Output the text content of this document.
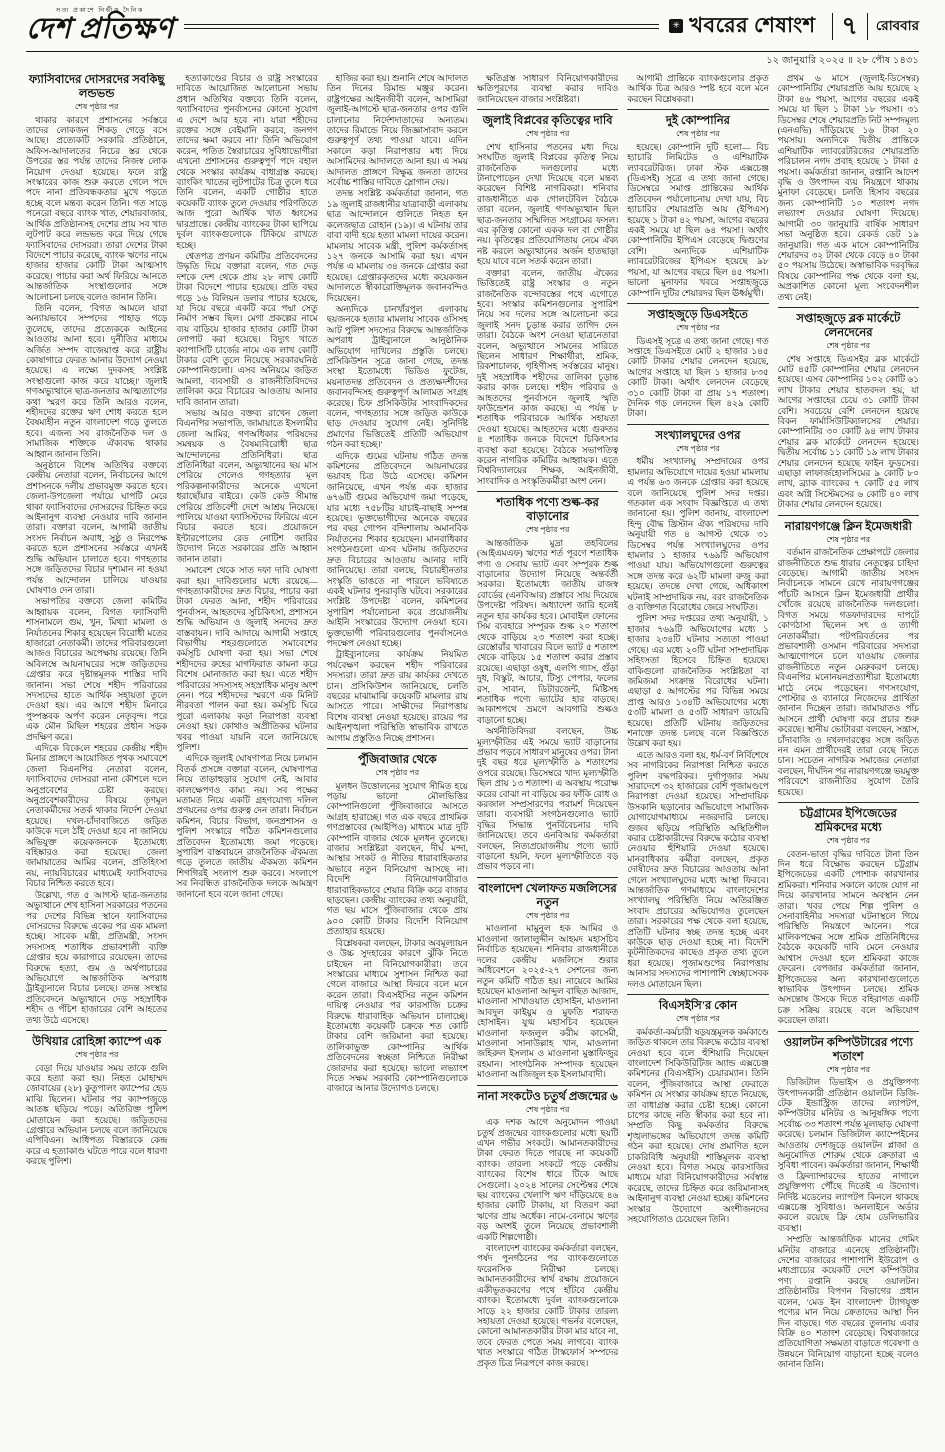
সত্য প্রকাশে নির্ভীক দৈনিক
দেশ প্রতিক্ষণ	✳ খবরের শেষাংশ	৭	রোববার
১২ জানুয়ারি ২০২৫ ॥ ২৮ পৌষ ১৪৩১
ফ্যাসিবাদের দোসরদের সবকিছু লন্ডভন্ড
শেষ পৃষ্ঠার পর

থাকার কারণে প্রশাসনের সর্বস্তরে তাদের লোকজন শিকড় গেড়ে বসে আছে। প্রত্যেকটি সরকারি প্রতিষ্ঠানে, অফিস-আদালতের নিচের স্তর থেকে উপরের স্তর পর্যন্ত তাদের নিজস্ব লোক নিয়োগ দেওয়া হয়েছে। ফলে রাষ্ট্র সংস্কারের কাজ শুরু করতে গেলে পদে পদে নানা প্রতিবন্ধকতার মুখে পড়তে হচ্ছে বলে মন্তব্য করেন তিনি। গত সাড়ে পনেরো বছরে ব্যাংক খাত, শেয়ারবাজার, আর্থিক প্রতিষ্ঠানসহ দেশের প্রায় সব খাত লুটপাট করে লন্ডভন্ড করে দিয়ে গেছে ফ্যাসিবাদের দোসররা। তারা দেশের টাকা বিদেশে পাচার করেছে, ব্যাংক ঋণের নামে হাজার হাজার কোটি টাকা আত্মসাৎ করেছে। পাচার করা অর্থ ফিরিয়ে আনতে আন্তর্জাতিক সংস্থাগুলোর সঙ্গে আলোচনা চলছে বলেও জানান তিনি।

তিনি বলেন, 'বিগত আমলে যারা অন্যায়ভাবে সম্পদের পাহাড় গড়ে তুলেছে, তাদের প্রত্যেককে আইনের আওতায় আনা হবে। দুর্নীতির মাধ্যমে অর্জিত সম্পদ বাজেয়াপ্ত করে রাষ্ট্রীয় কোষাগারে ফেরত আনার উদ্যোগ নেওয়া হয়েছে। এ লক্ষ্যে দুদকসহ সংশ্লিষ্ট সংস্থাগুলো কাজ করে যাচ্ছে।' জুলাই গণঅভ্যুত্থানে ছাত্র-জনতার আত্মত্যাগের কথা স্মরণ করে তিনি আরও বলেন, শহীদদের রক্তের ঋণ শোধ করতে হলে বৈষম্যহীন নতুন বাংলাদেশ গড়ে তুলতে হবে। এজন্য সব রাজনৈতিক দল ও সামাজিক শক্তিকে ঐক্যবদ্ধ থাকার আহ্বান জানান তিনি।

অনুষ্ঠানে বিশেষ অতিথির বক্তব্যে কেন্দ্রীয় নেতারা বলেন, নির্বাচনের আগে প্রশাসনকে দলীয় প্রভাবমুক্ত করতে হবে। জেলা-উপজেলা পর্যায়ে ঘাপটি মেরে থাকা ফ্যাসিবাদের দোসরদের চিহ্নিত করে আইনানুগ ব্যবস্থা নেওয়ার দাবি জানান তারা। বক্তারা বলেন, আগামী জাতীয় সংসদ নির্বাচন অবাধ, সুষ্ঠু ও নিরপেক্ষ করতে হলে প্রশাসনের সর্বস্তরে এখনই শুদ্ধি অভিযান চালাতে হবে। গণহত্যার সঙ্গে জড়িতদের বিচার দৃশ্যমান না হওয়া পর্যন্ত আন্দোলন চালিয়ে যাওয়ার ঘোষণাও দেন তারা।

সভাপতির বক্তব্যে জেলা কমিটির আহ্বায়ক বলেন, বিগত ফ্যাসিবাদী শাসনামলে গুম, খুন, মিথ্যা মামলা ও নির্যাতনের শিকার হয়েছেন বিরোধী মতের হাজারো নেতাকর্মী। তাদের পরিবারগুলো আজও বিচারের অপেক্ষায় রয়েছে। তিনি অবিলম্বে আয়নাঘরের সঙ্গে জড়িতদের গ্রেপ্তার করে দৃষ্টান্তমূলক শাস্তির দাবি জানান। সভা শেষে শহীদ পরিবারের সদস্যদের হাতে আর্থিক সহায়তা তুলে দেওয়া হয়। এর আগে শহীদ মিনারে পুষ্পস্তবক অর্পণ করেন নেতৃবৃন্দ। পরে এক মৌন মিছিল শহরের প্রধান সড়ক প্রদক্ষিণ করে।

এদিকে বিকে‌লে শহরের কেন্দ্রীয় শহীদ মিনার প্রাঙ্গণে আয়োজিত পৃথক সমাবেশে জেলা বিএনপির নেতারা বলেন, ফ্যাসিবাদের দোসররা নানা কৌশলে দলে অনুপ্রবেশের চেষ্টা করছে। অনুপ্রবেশকারীদের বিষয়ে তৃণমূল নেতাকর্মীদের সতর্ক থাকার নির্দেশ দেওয়া হয়েছে। দখল-চাঁদাবাজিতে জড়িত কাউকে দলে ঠাঁই দেওয়া হবে না জানিয়ে অভিযুক্ত কয়েকজনকে ইতোমধ্যে বহিষ্কারও করা হয়েছে। জেলা জামায়াতের আমির বলেন, প্রতিহিংসা নয়, ন্যায়বিচারের মাধ্যমেই ফ্যাসিবাদের বিচার নিশ্চিত করতে হবে।

উল্লেখ্য, গত ৫ আগস্ট ছাত্র-জনতার অভ্যুত্থানে শেখ হাসিনা সরকারের পতনের পর দেশের বিভিন্ন স্থানে ফ্যাসিবাদের দোসরদের বিরুদ্ধে একের পর এক মামলা হচ্ছে। সাবেক মন্ত্রী, প্রতিমন্ত্রী, সংসদ সদস্যসহ শতাধিক প্রভাবশালী ব্যক্তি গ্রেপ্তার হয়ে কারাগারে রয়েছেন। তাদের বিরুদ্ধে হত্যা, গুম ও অর্থপাচারের অভিযোগে আন্তর্জাতিক অপরাধ ট্রাইব্যুনালে বিচার চলছে। তদন্ত সংস্থার প্রতিবেদনে অভ্যুত্থানে দেড় সহস্রাধিক শহীদ ও পঁচিশ হাজারের বেশি আহতের তথ্য উঠে এসেছে।

উখিয়ার রোহিঙ্গা ক্যাম্পে এক
শেষ পৃষ্ঠার পর

বেড়া দিয়ে যাওয়ার সময় তাকে গুলি করে হত্যা করা হয়। নিহত মোহাম্মদ জোবায়ের (২৮) কুতুপালং ক্যাম্পের হেড মাঝি ছিলেন। ঘটনার পর ক্যাম্পজুড়ে আতঙ্ক ছড়িয়ে পড়ে। অতিরিক্ত পুলিশ মোতায়েন করা হয়েছে। জড়িতদের গ্রেপ্তারে অভিযান চলছে বলে জানিয়েছে এপিবিএন। আধিপত্য বিস্তারকে কেন্দ্র করে এ হত্যাকাণ্ড ঘটতে পারে বলে ধারণা করছে পুলিশ।

হত্যাকাণ্ডের বিচার ও রাষ্ট্র সংস্কারের দাবিতে আয়োজিত আলোচনা সভায় প্রধান অতিথির বক্তব্যে তিনি বলেন, 'ফ্যাসিবাদের পুনর্বাসনের কোনো সুযোগ এ দেশে আর হবে না। যারা শহীদের রক্তের সঙ্গে বেইমানি করবে, জনগণ তাদের ক্ষমা করবে না।' তিনি অভিযোগ করেন, পতিত স্বৈরাচারের সুবিধাভোগীরা এখনো প্রশাসনের গুরুত্বপূর্ণ পদে বহাল থেকে সংস্কার কার্যক্রম বাধাগ্রস্ত করছে। ব্যাংকিং খাতের লুটপাটের চিত্র তুলে ধরে তিনি বলেন, একটি গোষ্ঠীর হাতে কয়েকটি ব্যাংক তুলে দেওয়ার পরিণতিতে আজ পুরো আর্থিক খাত ধ্বংসের দ্বারপ্রান্তে। কেন্দ্রীয় ব্যাংকের টাকা ছাপিয়ে দুর্বল ব্যাংকগুলোকে টিকিয়ে রাখতে হচ্ছে।

শ্বেতপত্র প্রণয়ন কমিটির প্রতিবেদনের উদ্ধৃতি দিয়ে বক্তারা বলেন, গত দেড় দশকে দেশ থেকে প্রায় ২৮ লাখ কোটি টাকা বিদেশে পাচার হয়েছে। প্রতি বছর গড়ে ১৬ বিলিয়ন ডলার পাচার হয়েছে, যা দিয়ে বছরে একটি করে পদ্মা সেতু নির্মাণ সম্ভব ছিল। মেগা প্রকল্পের নামে ব্যয় বাড়িয়ে হাজার হাজার কোটি টাকা লোপাট করা হয়েছে। বিদ্যুৎ খাতে ক্যাপাসিটি চার্জের নামে এক লাখ কোটি টাকার বেশি তুলে নিয়েছে সরকারঘনিষ্ঠ কোম্পানিগুলো। এসব অনিয়মে জড়িত আমলা, ব্যবসায়ী ও রাজনীতিবিদদের তালিকা করে বিচারের আওতায় আনার দাবি জানান তারা।

সভায় আরও বক্তব্য রাখেন জেলা বিএনপির সভাপতি, জামায়াতে ইসলামীর জেলা আমির, গণঅধিকার পরিষদের সমন্বয়ক ও বৈষম্যবিরোধী ছাত্র আন্দোলনের প্রতিনিধিরা। ছাত্র প্রতিনিধিরা বলেন, অভ্যুত্থানের ছয় মাস পেরিয়ে গেলেও গণহত্যার মূল পরিকল্পনাকারীদের অনেকে এখনো ধরাছোঁয়ার বাইরে। কেউ কেউ সীমান্ত পেরিয়ে প্রতিবেশী দেশে আশ্রয় নিয়েছে। পালিয়ে যাওয়া ফ্যাসিস্টদের ফিরিয়ে এনে বিচার করতে হবে। প্রয়োজনে ইন্টারপোলের রেড নোটিশ জারির উদ্যোগ নিতে সরকারের প্রতি আহ্বান জানান তারা।

সমাবেশ থেকে সাত দফা দাবি ঘোষণা করা হয়। দাবিগুলোর মধ্যে রয়েছে— গণহত্যাকারীদের দ্রুত বিচার, পাচার করা টাকা ফেরত আনা, শহীদ পরিবারের পুনর্বাসন, আহতদের সুচিকিৎসা, প্রশাসনে শুদ্ধি অভিযান ও জুলাই সনদের দ্রুত বাস্তবায়ন। দাবি আদায়ে আগামী সপ্তাহে বিভাগীয় শহরগুলোতে সমাবেশের কর্মসূচি ঘোষণা করা হয়। সভা শেষে শহীদদের রুহের মাগফিরাত কামনা করে বিশেষ মোনাজাত করা হয়। এতে শহীদ পরিবারের সদস্যসহ সহস্রাধিক মানুষ অংশ নেন। পরে শহীদদের স্মরণে এক মিনিট নীরবতা পালন করা হয়। কর্মসূচি ঘিরে পুরো এলাকায় কড়া নিরাপত্তা ব্যবস্থা নেওয়া হয়। কোথাও অপ্রীতিকর ঘটনার খবর পাওয়া যায়নি বলে জানিয়েছে পুলিশ।

এদিকে জুলাই ঘোষণাপত্র নিয়ে চলমান বিতর্ক প্রসঙ্গে বক্তারা বলেন, ঘোষণাপত্র নিয়ে তাড়াহুড়ার সুযোগ নেই, আবার কালক্ষেপণও কাম্য নয়। সব পক্ষের মতামত নিয়ে একটি গ্রহণযোগ্য দলিল প্রণয়নের ওপর গুরুত্ব দেন তারা। নির্বাচন কমিশন, বিচার বিভাগ, জনপ্রশাসন ও পুলিশ সংস্কারে গঠিত কমিশনগুলোর প্রতিবেদন ইতোমধ্যে জমা পড়েছে। সুপারিশ বাস্তবায়নে রাজনৈতিক ঐকমত্য গড়ে তুলতে জাতীয় ঐকমত্য কমিশন শিগগিরই সংলাপ শুরু করবে। সংলাপে সব নিবন্ধিত রাজনৈতিক দলকে আমন্ত্রণ জানানো হবে বলে জানা গেছে।

হাজির করা হয়। শুনানি শেষে আদালত তিন দিনের রিমান্ড মঞ্জুর করেন। রাষ্ট্রপক্ষের আইনজীবী বলেন, আসামিরা জুলাই-আগস্টে ছাত্র-জনতার ওপর গুলি চালানোর নির্দেশদাতাদের অন্যতম। তাদের রিমান্ডে নিয়ে জিজ্ঞাসাবাদ করলে গুরুত্বপূর্ণ তথ্য পাওয়া যাবে। এদিন সকালে কড়া নিরাপত্তার মধ্য দিয়ে আসামিদের আদালতে আনা হয়। এ সময় আদালত প্রাঙ্গণে বিক্ষুব্ধ জনতা তাদের সর্বোচ্চ শাস্তির দাবিতে স্লোগান দেয়।

তদন্ত সংশ্লিষ্ট কর্মকর্তারা জানান, গত ১৯ জুলাই রাজধানীর যাত্রাবাড়ী এলাকায় ছাত্র আন্দোলনে গুলিতে নিহত হন কলেজছাত্র রোহান (১৯)। এ ঘটনায় তার বাবা বাদী হয়ে হত্যা মামলা দায়ের করেন। মামলায় সাবেক মন্ত্রী, পুলিশ কর্মকর্তাসহ ১২৭ জনকে আসামি করা হয়। এখন পর্যন্ত এ মামলায় ৩৪ জনকে গ্রেপ্তার করা হয়েছে। গ্রেপ্তারকৃতদের মধ্যে কয়েকজন আদালতে স্বীকারোক্তিমূলক জবানবন্দিও দিয়েছেন।

অন্যদিকে চানখাঁরপুল এলাকায় ছয়জনকে হত্যার মামলায় সাবেক ওসিসহ আট পুলিশ সদস্যের বিরুদ্ধে আন্তর্জাতিক অপরাধ ট্রাইব্যুনালে আনুষ্ঠানিক অভিযোগ দাখিলের প্রস্তুতি চলছে। প্রসিকিউশন সূত্রে জানা গেছে, তদন্ত সংস্থা ইতোমধ্যে ভিডিও ফুটেজ, ময়নাতদন্ত প্রতিবেদন ও প্রত্যক্ষদর্শীদের জবানবন্দিসহ গুরুত্বপূর্ণ আলামত সংগ্রহ করেছে। চিফ প্রসিকিউটর সাংবাদিকদের বলেন, 'গণহত্যার সঙ্গে জড়িত কাউকে ছাড় দেওয়ার সুযোগ নেই। সুনির্দিষ্ট প্রমাণের ভিত্তিতেই প্রতিটি অভিযোগ গঠন করা হচ্ছে।'

এদিকে গুমের ঘটনায় গঠিত তদন্ত কমিশনের প্রতিবেদনে আয়নাঘরের ভয়াবহ চিত্র উঠে এসেছে। কমিশন জানিয়েছে, এখন পর্যন্ত এক হাজার ৬৭৬টি গুমের অভিযোগ জমা পড়েছে, যার মধ্যে ৭৫৮টির যাচাই-বাছাই সম্পন্ন হয়েছে। ভুক্তভোগীদের অনেকে বছরের পর বছর গোপন বন্দিশালায় অমানবিক নির্যাতনের শিকার হয়েছেন। মানবাধিকার সংগঠনগুলো এসব ঘটনায় জড়িতদের দ্রুত বিচারের আওতায় আনার দাবি জানিয়েছে। তারা বলছে, বিচারহীনতার সংস্কৃতি ভাঙতে না পারলে ভবিষ্যতে একই ঘটনার পুনরাবৃত্তি ঘটবে। সরকারের সংশ্লিষ্ট উপদেষ্টা বলেন, কমিশনের সুপারিশ পর্যালোচনা করে প্রয়োজনীয় আইনি সংস্কারের উদ্যোগ নেওয়া হবে। ভুক্তভোগী পরিবারগুলোর পুনর্বাসনেও পদক্ষেপ নেওয়া হচ্ছে।

ট্রাইব্যুনালের কার্যক্রম নিয়মিত পর্যবেক্ষণ করছেন শহীদ পরিবারের সদস্যরা। তারা দ্রুত রায় কার্যকর দেখতে চান। প্রসিকিউশন জানিয়েছে, চলতি বছরের মাঝামাঝি কয়েকটি মামলার রায় আসতে পারে। সাক্ষীদের নিরাপত্তায় বিশেষ ব্যবস্থা নেওয়া হয়েছে। রায়ের পর আইনশৃঙ্খলা পরিস্থিতি স্বাভাবিক রাখতে আগাম প্রস্তুতিও নিচ্ছে প্রশাসন।

পুঁজিবাজার থেকে
শেষ পৃষ্ঠার পর

মূলধন উত্তোলনের সুযোগ সীমিত হয়ে পড়ায় ভালো মৌলভিত্তির কোম্পানিগুলো পুঁজিবাজারে আসতে আগ্রহ হারাচ্ছে। গত এক বছরে প্রাথমিক গণপ্রস্তাবের (আইপিও) মাধ্যমে মাত্র দুটি কোম্পানি বাজার থেকে মূলধন তুলেছে। বাজার সংশ্লিষ্টরা বলছেন, দীর্ঘ মন্দা, আস্থার সংকট ও নীতির ধারাবাহিকতার অভাবে নতুন বিনিয়োগ আসছে না। বিদেশি বিনিয়োগকারীরাও ধারাবাহিকভাবে শেয়ার বিক্রি করে বাজার ছাড়ছেন। কেন্দ্রীয় ব্যাংকের তথ্য অনুযায়ী, গত ছয় মাসে পুঁজিবাজার থেকে প্রায় ৯০০ কোটি টাকার বিদেশি বিনিয়োগ প্রত্যাহার হয়েছে।

বিশ্লেষকরা বলছেন, টাকার অবমূল্যায়ন ও উচ্চ সুদহারের কারণে ঝুঁকি নিতে চাইছেন না বিনিয়োগকারীরা। তবে সংস্কারের মাধ্যমে সুশাসন নিশ্চিত করা গেলে বাজারে আস্থা ফিরবে বলে মনে করেন তারা। বিএসইসির নতুন কমিশন দায়িত্ব নেওয়ার পর কারসাজি চক্রের বিরুদ্ধে ধারাবাহিক অভিযান চালাচ্ছে। ইতোমধ্যে কয়েকটি চক্রকে শত কোটি টাকার বেশি জরিমানা করা হয়েছে। তালিকাভুক্ত কোম্পানির আর্থিক প্রতিবেদনের স্বচ্ছতা নিশ্চিতে নিরীক্ষা জোরদার করা হয়েছে। ভালো লভ্যাংশ দিতে সক্ষম সরকারি কোম্পানিগুলোকে বাজারে আনার উদ্যোগও চলছে।

ক্ষতিগ্রস্ত সাধারণ বিনিয়োগকারীদের ক্ষতিপূরণের ব্যবস্থা করার দাবিও জানিয়েছেন বাজার সংশ্লিষ্টরা।

জুলাই বিপ্লবের কৃতিত্বের দাবি
শেষ পৃষ্ঠার পর

শেখ হাসিনার পতনের মধ্য দিয়ে সংঘটিত জুলাই বিপ্লবের কৃতিত্ব নিয়ে রাজনৈতিক দলগুলোর মধ্যে টানাপোড়েন দেখা দিয়েছে বলে মন্তব্য করেছেন বিশিষ্ট নাগরিকরা। শনিবার রাজধানীতে এক গোলটেবিল বৈঠকে তারা বলেন, জুলাই গণঅভ্যুত্থান ছিল ছাত্র-জনতার সম্মিলিত সংগ্রামের ফসল। এর কৃতিত্ব কোনো একক দল বা গোষ্ঠীর নয়। কৃতিত্বের প্রতিযোগিতায় নেমে ঐক্য নষ্ট করলে অভ্যুত্থানের অর্জন হাতছাড়া হয়ে যাবে বলে সতর্ক করেন তারা।

বক্তারা বলেন, জাতীয় ঐক্যের ভিত্তিতেই রাষ্ট্র সংস্কার ও নতুন রাজনৈতিক বন্দোবস্তের পথে এগোতে হবে। সংস্কার কমিশনগুলোর সুপারিশ নিয়ে সব দলের সঙ্গে আলোচনা করে জুলাই সনদ চূড়ান্ত করার তাগিদ দেন তারা। বৈঠকে অংশ নেওয়া ছাত্রনেতারা বলেন, অভ্যুত্থানে সামনের সারিতে ছিলেন সাধারণ শিক্ষার্থীরা, শ্রমিক, রিকশাচালক, গৃহিণীসহ সর্বস্তরের মানুষ। দুই সহস্রাধিক শহীদের তালিকা চূড়ান্ত করার কাজ চলছে। শহীদ পরিবার ও আহতদের পুনর্বাসনে জুলাই স্মৃতি ফাউন্ডেশন কাজ করছে। এ পর্যন্ত ৮ শতাধিক পরিবারকে আর্থিক সহায়তা দেওয়া হয়েছে। আহতদের মধ্যে গুরুতর ৪ শতাধিক জনকে বিদেশে চিকিৎসার ব্যবস্থা করা হয়েছে। বৈঠকে সভাপতিত্ব করেন নাগরিক কমিটির আহ্বায়ক। এতে বিশ্ববিদ্যালয়ের শিক্ষক, আইনজীবী, সাংবাদিক ও সংস্কৃতিকর্মীরা অংশ নেন।

শতাধিক পণ্যে শুল্ক-কর বাড়ানোর
শেষ পৃষ্ঠার পর

আন্তর্জাতিক মুদ্রা তহবিলের (আইএমএফ) ঋণের শর্ত পূরণে শতাধিক পণ্য ও সেবায় ভ্যাট এবং সম্পূরক শুল্ক বাড়ানোর উদ্যোগ নিয়েছে অন্তর্বর্তী সরকার। ইতোমধ্যে জাতীয় রাজস্ব বোর্ডের (এনবিআর) প্রস্তাবে সায় দিয়েছে উপদেষ্টা পরিষদ। অধ্যাদেশ জারি হলেই নতুন হার কার্যকর হবে। মোবাইল ফোনের সিম ব্যবহারে সম্পূরক শুল্ক ২০ শতাংশ থেকে বাড়িয়ে ২৩ শতাংশ করা হচ্ছে। রেস্তোরাঁর খাবারের বিলে ভ্যাট ৫ শতাংশ থেকে বাড়িয়ে ১৫ শতাংশ করার প্রস্তাব রয়েছে। এছাড়া ওষুধ, এলপি গ্যাস, গুঁড়া দুধ, বিস্কুট, আচার, টিস্যু পেপার, ফলের রস, সাবান, ডিটারজেন্ট, মিষ্টিসহ শতাধিক পণ্যে ভ্যাটের হার বাড়ছে। আকাশপথে ভ্রমণে আবগারি শুল্কও বাড়ানো হচ্ছে।

অর্থনীতিবিদরা বলছেন, উচ্চ মূল্যস্ফীতির এই সময়ে ভ্যাট বাড়ানোর প্রভাব পড়বে সাধারণ মানুষের ওপর। টানা দুই বছর ধরে মূল্যস্ফীতি ৯ শতাংশের ওপরে রয়েছে। ডিসেম্বরে খাদ্য মূল্যস্ফীতি ছিল প্রায় ১৩ শতাংশ। এ অবস্থায় পরোক্ষ করের বোঝা না বাড়িয়ে কর ফাঁকি রোধ ও করজাল সম্প্রসারণের পরামর্শ দিয়েছেন তারা। ব্যবসায়ী সংগঠনগুলোও ভ্যাট বৃদ্ধির সিদ্ধান্ত পুনর্বিবেচনার দাবি জানিয়েছে। তবে এনবিআর কর্মকর্তারা বলছেন, নিত্যপ্রয়োজনীয় পণ্যে ভ্যাট বাড়ানো হয়নি, ফলে মূল্যস্ফীতিতে বড় প্রভাব পড়বে না।

বাংলাদেশ খেলাফত মজলিসের নতুন
শেষ পৃষ্ঠার পর

মাওলানা মামুনুল হক আমির ও মাওলানা জালালুদ্দীন আহমদ মহাসচিব নির্বাচিত হয়েছেন। শনিবার রাজধানীতে দলের কেন্দ্রীয় মজলিসে শুরার অধিবেশনে ২০২৫-২৭ সেশনের জন্য নতুন কমিটি গঠিত হয়। নায়েবে আমির হয়েছেন মাওলানা আব্দুল বাছিত আজাদ, মাওলানা সাখাওয়াত হোসাইন, মাওলানা আবদুল কাইয়ুম ও মুফতি শরাফত হোসাইন। যুগ্ম মহাসচিব হয়েছেন মাওলানা ফজলুল করীম কাসেমী, মাওলানা সানাউল্লাহ খান, মাওলানা জহিরুল ইসলাম ও মাওলানা মুস্তাফিজুর রহমান। সাংগঠনিক সম্পাদক হয়েছেন মাওলানা আজিজুল হক ইসলামাবাদী।

নানা সংকটেও চতুর্থ প্রজন্মের ৬
শেষ পৃষ্ঠার পর

এক দশক আগে অনুমোদন পাওয়া চতুর্থ প্রজন্মের ব্যাংকগুলোর মধ্যে ছয়টি এখন গভীর সংকটে। আমানতকারীদের টাকা ফেরত দিতে পারছে না কয়েকটি ব্যাংক। তারল্য সংকটে পড়ে কেন্দ্রীয় ব্যাংকের বিশেষ ধারে টিকে আছে সেগুলো। ২০২৪ সালের সেপ্টেম্বর শেষে ছয় ব্যাংকের খেলাপি ঋণ দাঁড়িয়েছে ৪৬ হাজার কোটি টাকায়, যা বিতরণ করা ঋণের প্রায় অর্ধেক। নামে-বেনামে ঋণের বড় অংশই তুলে নিয়েছে প্রভাবশালী একটি শিল্পগোষ্ঠী।

বাংলাদেশ ব্যাংকের কর্মকর্তারা বলছেন, পর্ষদ পুনর্গঠনের পর ব্যাংকগুলোতে ফরেনসিক নিরীক্ষা চলছে। আমানতকারীদের স্বার্থ রক্ষায় প্রয়োজনে একীভূতকরণের পথে হাঁটবে কেন্দ্রীয় ব্যাংক। ইতোমধ্যে দুর্বল ব্যাংকগুলোকে সাড়ে ২২ হাজার কোটি টাকার তারল্য সহায়তা দেওয়া হয়েছে। গভর্নর বলেছেন, কোনো আমানতকারীর টাকা মার যাবে না, তবে ফেরত পেতে সময় লাগবে। ব্যাংক খাত সংস্কারে গঠিত টাস্কফোর্স সম্পদের প্রকৃত চিত্র নিরূপণে কাজ করছে।

আগামী প্রান্তিকে ব্যাংকগুলোর প্রকৃত আর্থিক চিত্র আরও স্পষ্ট হবে বলে মনে করছেন বিশ্লেষকরা।

দুই কোম্পানির
শেষ পৃষ্ঠার পর

হয়েছে। কোম্পানি দুটি হলো— বিচ হ্যাচারি লিমিটেড ও এশিয়াটিক ল্যাবরেটরিজ। ঢাকা স্টক এক্সচেঞ্জ (ডিএসই) সূত্রে এ তথ্য জানা গেছে। ডিসেম্বরে সমাপ্ত প্রান্তিকের আর্থিক প্রতিবেদন পর্যালোচনায় দেখা যায়, বিচ হ্যাচারির শেয়ারপ্রতি আয় (ইপিএস) হয়েছে ১ টাকা ৪২ পয়সা, আগের বছরের একই সময়ে যা ছিল ৬৪ পয়সা। অর্থাৎ কোম্পানিটির ইপিএস বেড়েছে দ্বিগুণের বেশি। অন্যদিকে এশিয়াটিক ল্যাবরেটরিজের ইপিএস হয়েছে ৯৮ পয়সা, যা আগের বছরে ছিল ৪৫ পয়সা। ভালো মুনাফার খবরে সপ্তাহজুড়ে কোম্পানি দুটির শেয়ারদর ছিল ঊর্ধ্বমুখী।

সপ্তাহজুড়ে ডিএসইতে
শেষ পৃষ্ঠার পর

ডিএসই সূত্রে এ তথ্য জানা গেছে। গত সপ্তাহে ডিএসইতে মোট ২ হাজার ১৪৫ কোটি টাকার শেয়ার লেনদেন হয়েছে, আগের সপ্তাহে যা ছিল ১ হাজার ৮৩৫ কোটি টাকা। অর্থাৎ লেনদেন বেড়েছে ৩১০ কোটি টাকা বা প্রায় ১৭ শতাংশ। দৈনিক গড় লেনদেন ছিল ৪২৯ কোটি টাকা।

সংখ্যালঘুদের ওপর
শেষ পৃষ্ঠার পর

ধর্মীয় সংখ্যালঘু সম্প্রদায়ের ওপর হামলার অভিযোগে দায়ের হওয়া মামলায় এ পর্যন্ত ৬৩ জনকে গ্রেপ্তার করা হয়েছে বলে জানিয়েছে পুলিশ সদর দপ্তর। গতকাল এক সংবাদ বিজ্ঞপ্তিতে এ তথ্য জানানো হয়। পুলিশ জানায়, বাংলাদেশ হিন্দু বৌদ্ধ খ্রিস্টান ঐক্য পরিষদের দাবি অনুযায়ী গত ৪ আগস্ট থেকে ৩১ ডিসেম্বর পর্যন্ত সংখ্যালঘুদের ওপর হামলার ১ হাজার ৭৬৯টি অভিযোগ পাওয়া যায়। অভিযোগগুলো গুরুত্বের সঙ্গে তদন্ত করে ৬২টি মামলা রুজু করা হয়েছে। তদন্তে দেখা গেছে, অধিকাংশ ঘটনাই সাম্প্রদায়িক নয়, বরং রাজনৈতিক ও ব্যক্তিগত বিরোধের জেরে সংঘটিত।

পুলিশ সদর দপ্তরের তথ্য অনুযায়ী, ১ হাজার ৭৬৯টি অভিযোগের মধ্যে ১ হাজার ২৩৪টি ঘটনার সত্যতা পাওয়া গেছে। এর মধ্যে ২০টি ঘটনা সাম্প্রদায়িক সহিংসতা হিসেবে চিহ্নিত হয়েছে। বাকিগুলো রাজনৈতিক সংশ্লিষ্টতা বা জমিজমা সংক্রান্ত বিরোধের ঘটনা। এছাড়া ৫ আগস্টের পর বিভিন্ন সময়ে প্রাপ্ত আরও ১৩৪টি অভিযোগের মধ্যে ৫৩টি মামলা ও ৫৩টি সাধারণ ডায়েরি হয়েছে। প্রতিটি ঘটনায় জড়িতদের শনাক্তে তদন্ত চলছে বলে বিজ্ঞপ্তিতে উল্লেখ করা হয়।

এতে আরও বলা হয়, ধর্ম-বর্ণ নির্বিশেষে সব নাগরিকের নিরাপত্তা নিশ্চিত করতে পুলিশ বদ্ধপরিকর। দুর্গাপূজার সময় সারাদেশে ৩২ হাজারের বেশি পূজামণ্ডপে নিরাপত্তা দেওয়া হয়েছে। সাম্প্রদায়িক উসকানি ছড়ানোর অভিযোগে সামাজিক যোগাযোগমাধ্যমে নজরদারি চলছে। গুজব ছড়িয়ে পরিস্থিতি অস্থিতিশীল করার চেষ্টাকারীদের বিরুদ্ধে কঠোর ব্যবস্থা নেওয়ার হুঁশিয়ারি দেওয়া হয়েছে। মানবাধিকার কর্মীরা বলছেন, প্রকৃত দোষীদের দ্রুত বিচারের আওতায় আনা গেলে সংখ্যালঘুদের মধ্যে আস্থা ফিরবে। আন্তর্জাতিক গণমাধ্যমে বাংলাদেশের সংখ্যালঘু পরিস্থিতি নিয়ে অতিরঞ্জিত সংবাদ প্রচারের অভিযোগও তুলেছেন তারা। সরকারের পক্ষ থেকে বলা হয়েছে, প্রতিটি ঘটনার স্বচ্ছ তদন্ত হচ্ছে এবং কাউকে ছাড় দেওয়া হচ্ছে না। বিদেশি কূটনীতিকদের কাছেও প্রকৃত তথ্য তুলে ধরা হয়েছে। পূজামণ্ডপের নিরাপত্তায় আনসার সদস্যদের পাশাপাশি স্বেচ্ছাসেবক দলও মোতায়েন ছিল।

বিএসইসি'র কোন
শেষ পৃষ্ঠার পর

কর্মকর্তা-কর্মচারী ষড়যন্ত্রমূলক কর্মকাণ্ডে জড়িত থাকলে তার বিরুদ্ধে কঠোর ব্যবস্থা নেওয়া হবে বলে হুঁশিয়ারি দিয়েছেন বাংলাদেশ সিকিউরিটিজ অ্যান্ড এক্সচেঞ্জ কমিশনের (বিএসইসি) চেয়ারম্যান। তিনি বলেন, পুঁজিবাজারে আস্থা ফেরাতে কমিশন যে সংস্কার কার্যক্রম হাতে নিয়েছে, তা বাধাগ্রস্ত করার চেষ্টা হচ্ছে। কোনো চাপের কাছে নতি স্বীকার করা হবে না। সম্প্রতি কিছু কর্মকর্তার বিরুদ্ধে শৃঙ্খলাভঙ্গের অভিযোগে তদন্ত কমিটি গঠন করা হয়েছে। দোষ প্রমাণিত হলে চাকরিবিধি অনুযায়ী শাস্তিমূলক ব্যবস্থা নেওয়া হবে। বিগত সময়ে কারসাজির মাধ্যমে যারা বিনিয়োগকারীদের সর্বস্বান্ত করেছে, তাদের চিহ্নিত করে জরিমানাসহ আইনানুগ ব্যবস্থা নেওয়া হচ্ছে। কমিশনের সংস্কার উদ্যোগে অংশীজনদের সহযোগিতাও চেয়েছেন তিনি।

প্রথম ৬ মাসে (জুলাই-ডিসেম্বর) কোম্পানিটির শেয়ারপ্রতি আয় হয়েছে ২ টাকা ৪৬ পয়সা, আগের বছরের একই সময়ে যা ছিল ১ টাকা ১৮ পয়সা। ৩১ ডিসেম্বর শেষে শেয়ারপ্রতি নিট সম্পদমূল্য (এনএভি) দাঁড়িয়েছে ১৬ টাকা ২০ পয়সায়। অন্যদিকে দ্বিতীয় প্রান্তিকে এশিয়াটিক ল্যাবরেটরিজের শেয়ারপ্রতি পরিচালন নগদ প্রবাহ হয়েছে ১ টাকা ৫ পয়সা। কর্মকর্তারা জানান, রপ্তানি আদেশ বৃদ্ধি ও উৎপাদন ব্যয় নিয়ন্ত্রণে থাকায় মুনাফা বেড়েছে। চলতি হিসাব বছরের জন্য কোম্পানিটি ১০ শতাংশ নগদ লভ্যাংশ দেওয়ার ঘোষণা দিয়েছে। আগামী ৩০ জানুয়ারি বার্ষিক সাধারণ সভা অনুষ্ঠিত হবে। রেকর্ড ডেট ১৯ জানুয়ারি। গত এক মাসে কোম্পানিটির শেয়ারদর ৩২ টাকা থেকে বেড়ে ৪০ টাকা ৫০ পয়সায় উঠেছে। অস্বাভাবিক দরবৃদ্ধির বিষয়ে কোম্পানির পক্ষ থেকে বলা হয়, অপ্রকাশিত কোনো মূল্য সংবেদনশীল তথ্য নেই।

সপ্তাহজুড়ে ব্লক মার্কেটে লেনদেনের
শেষ পৃষ্ঠার পর

শেষ সপ্তাহে ডিএসইর ব্লক মার্কেটে মোট ৪৫টি কোম্পানির শেয়ার লেনদেন হয়েছে। এসব কোম্পানির ১০২ কোটি ৬১ লাখ টাকার শেয়ার হাতবদল হয়, যা আগের সপ্তাহের চেয়ে ৩১ কোটি টাকা বেশি। সবচেয়ে বেশি লেনদেন হয়েছে বিকন ফার্মাসিউটিক্যালসের শেয়ার। কোম্পানিটির ৩০ কোটি ৯৪ লাখ টাকার শেয়ার ব্লক মার্কেটে লেনদেন হয়েছে। দ্বিতীয় সর্বোচ্চ ১১ কোটি ১৯ লাখ টাকার শেয়ার লেনদেন হয়েছে ফাইন ফুডসের। এছাড়া লাফার্জহোলসিমের ৯ কোটি ৮০ লাখ, ব্র্যাক ব্যাংকের ৭ কোটি ৫৫ লাখ এবং অগ্নি সিস্টেমসের ৬ কোটি ৪০ লাখ টাকার শেয়ার লেনদেন হয়েছে।

নারায়ণগঞ্জে ক্লিন ইমেজধারী
শেষ পৃষ্ঠার পর

বর্তমান রাজনৈতিক প্রেক্ষাপটে জেলার রাজনীতিতে শুদ্ধ ধারার নেতৃত্বের চাহিদা বেড়েছে। আগামী জাতীয় সংসদ নির্বাচনকে সামনে রেখে নারায়ণগঞ্জের পাঁচটি আসনে ক্লিন ইমেজধারী প্রার্থীর খোঁজে রয়েছে রাজনৈতিক দলগুলো। বিগত সময়ে গডফাদারদের দাপটে কোণঠাসা ছিলেন সৎ ও ত্যাগী নেতাকর্মীরা। পটপরিবর্তনের পর প্রভাবশালী ওসমান পরিবারের সদস্যরা আত্মগোপনে চলে যাওয়ায় জেলার রাজনীতিতে নতুন মেরুকরণ চলছে। বিএনপির মনোনয়নপ্রত্যাশীরা ইতোমধ্যে মাঠে নেমে পড়েছেন। গণসংযোগ, পোস্টার ও ব্যানারে নিজেদের প্রার্থিতা জানান দিচ্ছেন তারা। জামায়াতও পাঁচ আসনে প্রার্থী ঘোষণা করে প্রচার শুরু করেছে। স্থানীয় ভোটাররা বলছেন, সন্ত্রাস, চাঁদাবাজি ও দখলদারত্বের সঙ্গে জড়িত নন এমন প্রার্থীদেরই তারা বেছে নিতে চান। সচেতন নাগরিক সমাজের নেতারা বলছেন, দীর্ঘদিন পর নারায়ণগঞ্জে ভয়মুক্ত পরিবেশে রাজনীতির সুযোগ তৈরি হয়েছে।

চট্টগ্রামের ইপিজেডের শ্রমিকদের মধ্যে
শেষ পৃষ্ঠার পর

বেতন-ভাতা বৃদ্ধির দাবিতে টানা তিন দিন ধরে বিক্ষোভ করছেন চট্টগ্রাম ইপিজেডের একটি পোশাক কারখানার শ্রমিকরা। শনিবার সকালে কাজে যোগ না দিয়ে কারখানার সামনে অবস্থান নেন তারা। খবর পেয়ে শিল্প পুলিশ ও সেনাবাহিনীর সদস্যরা ঘটনাস্থলে গিয়ে পরিস্থিতি নিয়ন্ত্রণে আনেন। পরে মালিকপক্ষের সঙ্গে শ্রমিক প্রতিনিধিদের বৈঠকে কয়েকটি দাবি মেনে নেওয়ার আশ্বাস দেওয়া হলে শ্রমিকরা কাজে ফেরেন। বেপজার কর্মকর্তারা জানান, ইপিজেডের অন্য কারখানাগুলোতে স্বাভাবিক উৎপাদন চলছে। শ্রমিক অসন্তোষ উসকে দিতে বহিরাগত একটি চক্র সক্রিয় রয়েছে বলে অভিযোগ করেছেন তারা।

ওয়ালটন কম্পিউটারের পণ্যে শতাংশ
শেষ পৃষ্ঠার পর

ডিজিটাল ডিভাইস ও প্রযুক্তিপণ্য উৎপাদনকারী প্রতিষ্ঠান ওয়ালটন ডিজি-টেক ইন্ডাস্ট্রিজ তাদের ল্যাপটপ, কম্পিউটার মনিটর ও আনুষঙ্গিক পণ্যে সর্বোচ্চ ৩৩ শতাংশ পর্যন্ত মূল্যছাড় ঘোষণা করেছে। চলমান ডিজিটাল ক্যাম্পেইনের আওতায় দেশজুড়ে ওয়ালটন প্লাজা ও অনুমোদিত শোরুম থেকে ক্রেতারা এ সুবিধা পাবেন। কর্মকর্তারা জানান, শিক্ষার্থী ও ফ্রিল্যান্সারদের হাতের নাগালে প্রযুক্তিপণ্য পৌঁছে দিতেই এ উদ্যোগ। নির্দিষ্ট মডেলের ল্যাপটপ কিনলে থাকছে এক্সচেঞ্জ সুবিধাও। অনলাইনে অর্ডার করলে রয়েছে ফ্রি হোম ডেলিভারির ব্যবস্থা।

সম্প্রতি আন্তর্জাতিক মানের গেমিং মনিটর বাজারে এনেছে প্রতিষ্ঠানটি। দেশের বাজারের পাশাপাশি ইউরোপ ও মধ্যপ্রাচ্যের কয়েকটি দেশে কম্পিউটার পণ্য রপ্তানি করছে ওয়ালটন। প্রতিষ্ঠানটির বিপণন বিভাগের প্রধান বলেন, 'মেড ইন বাংলাদেশ' ট্যাগযুক্ত পণ্যের মান নিয়ে ক্রেতাদের আস্থা দিন দিন বাড়ছে। গত বছরের তুলনায় এবার বিক্রি ৪০ শতাংশ বেড়েছে। বিশ্ববাজারে প্রতিযোগিতা সক্ষমতা বাড়াতে গবেষণা ও উন্নয়নে বিনিয়োগ বাড়ানো হচ্ছে বলেও জানান তিনি।
